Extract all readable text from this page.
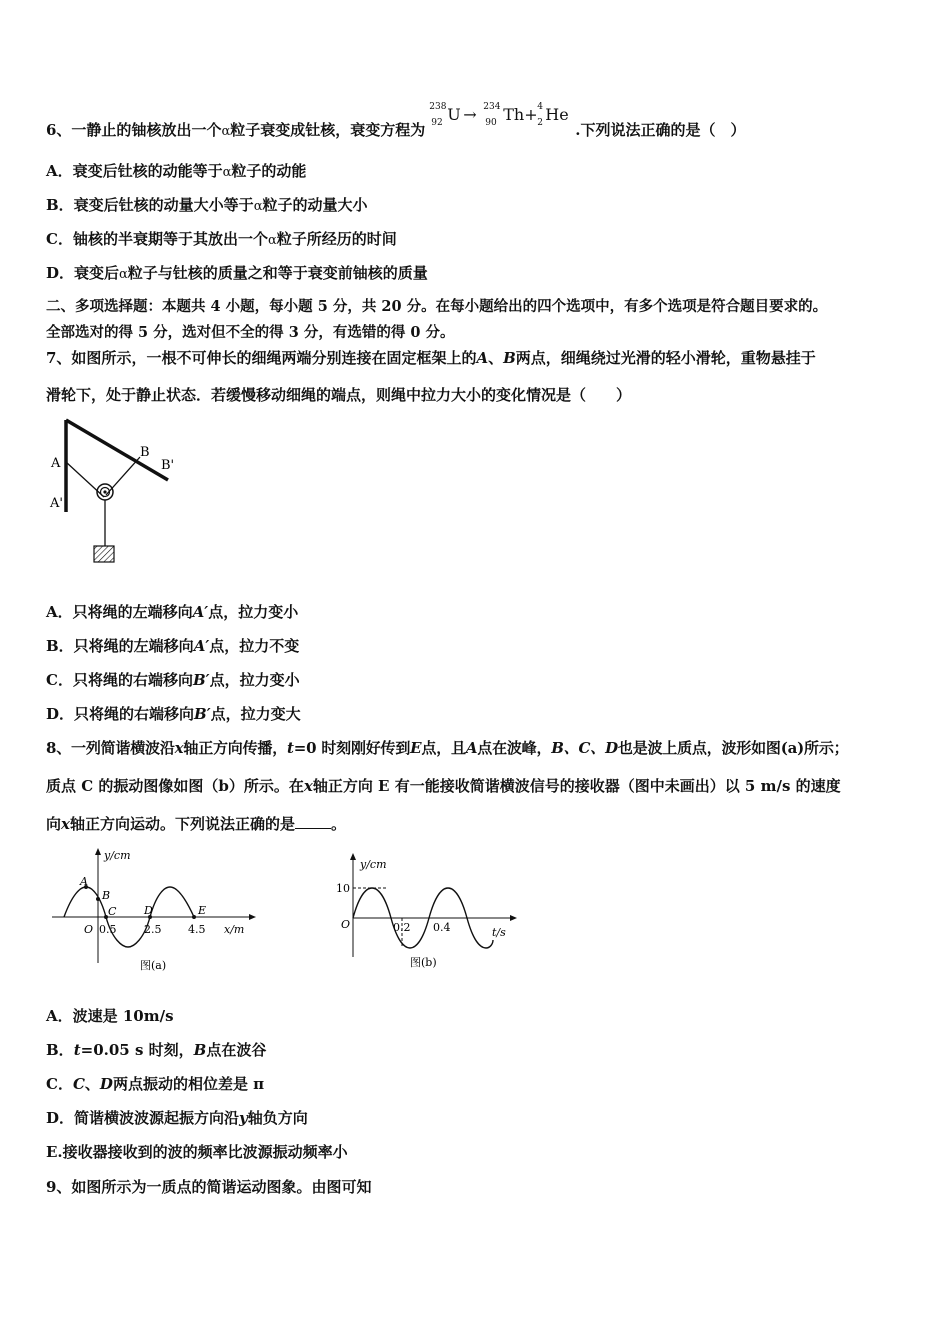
6、一静止的铀核放出一个α粒子衰变成钍核，衰变方程为
238
92 U → 234
90 Th+ 4
2 He
.下列说法正确的是（　）
A．衰变后钍核的动能等于α粒子的动能
B．衰变后钍核的动量大小等于α粒子的动量大小
C．铀核的半衰期等于其放出一个α粒子所经历的时间
D．衰变后α粒子与钍核的质量之和等于衰变前铀核的质量
二、多项选择题：本题共 4 小题，每小题 5 分，共 20 分。在每小题给出的四个选项中，有多个选项是符合题目要求的。
全部选对的得 5 分，选对但不全的得 3 分，有选错的得 0 分。
7、如图所示，一根不可伸长的细绳两端分别连接在固定框架上的A、B两点，细绳绕过光滑的轻小滑轮，重物悬挂于
滑轮下，处于静止状态．若缓慢移动细绳的端点，则绳中拉力大小的变化情况是（　　）
A
A'
B
B'
A．只将绳的左端移向A′点，拉力变小
B．只将绳的左端移向A′点，拉力不变
C．只将绳的右端移向B′点，拉力变小
D．只将绳的右端移向B′点，拉力变大
8、一列简谐横波沿x轴正方向传播，t=0 时刻刚好传到E点，且A点在波峰，B、C、D也是波上质点，波形如图(a)所示；
质点 C 的振动图像如图（b）所示。在x轴正方向 E 有一能接收简谐横波信号的接收器（图中未画出）以 5 m/s 的速度
向x轴正方向运动。下列说法正确的是 。
y/cm
x/m
O
A
B
C	D	E
0.5	2.5 4.5
图(a)
y/cm
t/s
O
10
0.2 0.4
图(b)
A．波速是 10m/s
B．t=0.05 s 时刻，B点在波谷
C．C、D两点振动的相位差是 π
D．简谐横波波源起振方向沿y轴负方向
E.接收器接收到的波的频率比波源振动频率小
9、如图所示为一质点的简谐运动图象。由图可知
